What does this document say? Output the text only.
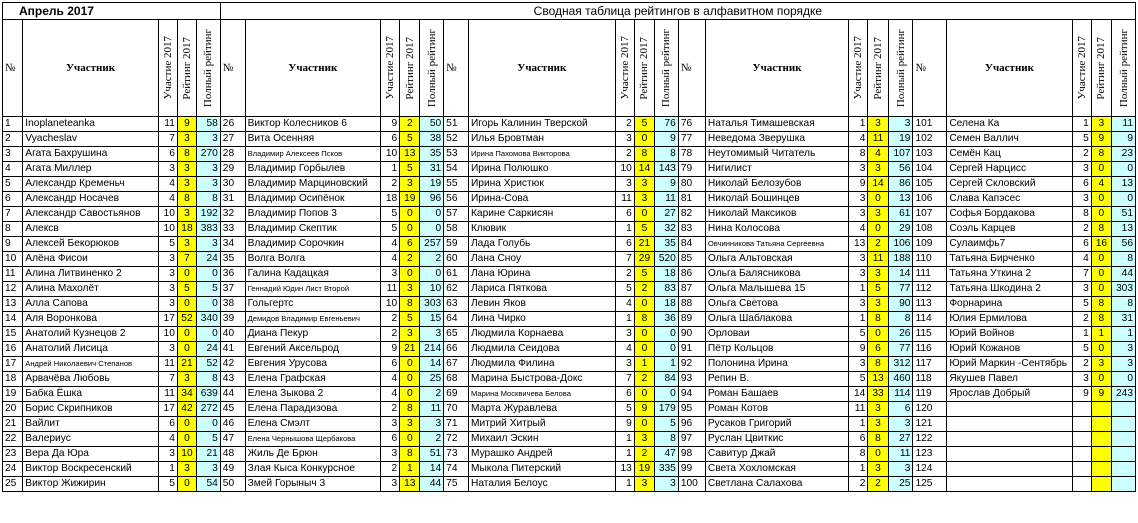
Апрель 2017					Сводная таблица рейтингов в алфавитном порядке																			
№	Участник	Участие 2017	Рейтинг 2017	Полный рейтинг	№	Участник	Участие 2017	Рейтинг 2017	Полный рейтинг	№	Участник	Участие 2017	Рейтинг 2017	Полный рейтинг	№	Участник	Участие 2017	Рейтинг 2017	Полный рейтинг	№	Участник	Участие 2017	Рейтинг 2017	Полный рейтинг

1	Inoplaneteanka	11	9	58	26	Виктор Колесников 6	9	2	50	51	Игорь Калинин Тверской	2	5	76	76	Наталья Тимашевская	1	3	3	101	Селена Ка	1	3	11
2	Vyacheslav	7	3	3	27	Вита Осенняя	6	5	38	52	Илья Бровтман	3	0	9	77	Неведома Зверушка	4	11	19	102	Семен Валлич	5	9	9
3	Агата Бахрушина	6	8	270	28	Владимир Алексеев Псков	10	13	35	53	Ирина Пахомова Викторова	2	8	8	78	Неутомимый Читатель	8	4	107	103	Семён Кац	2	8	23
4	Агата Миллер	3	3	3	29	Владимир Горбылев	1	5	31	54	Ирина Полюшко	10	14	143	79	Нигилист	3	3	56	104	Сергей Нарцисс	3	0	0
5	Александр Кременьч	4	3	3	30	Владимир Марциновский	2	3	19	55	Ирина Христюк	3	3	9	80	Николай Белозубов	9	14	86	105	Сергей Скловский	6	4	13
6	Александр Носачев	4	8	8	31	Владимир Осипёнок	18	19	96	56	Ирина-Сова	11	3	11	81	Николай Бошинцев	3	0	13	106	Слава Капэсес	3	0	0
7	Александр Савостьянов	10	3	192	32	Владимир Попов 3	5	0	0	57	Карине Саркисян	6	0	27	82	Николай Максиков	3	3	61	107	Софья Бордакова	8	0	51
8	Алексв	10	18	383	33	Владимир Скептик	5	0	0	58	Клювик	1	5	32	83	Нина Колосова	4	0	29	108	Соэль Карцев	2	8	13
9	Алексей Бекорюков	5	3	3	34	Владимир Сорочкин	4	6	257	59	Лада Голубь	6	21	35	84	Овчинникова Татьяна Сергеевна	13	2	106	109	Сулаимфь7	6	16	56
10	Алёна Фисои	3	7	24	35	Волга Волга	4	2	2	60	Лана Сноу	7	29	520	85	Ольга Альтовская	3	11	188	110	Татьяна Бирченко	4	0	8
11	Алина Литвиненко 2	3	0	0	36	Галина Кадацкая	3	0	0	61	Лана Юрина	2	5	18	86	Ольга Балясникова	3	3	14	111	Татьяна Уткина 2	7	0	44
12	Алина Махолёт	3	5	5	37	Геннадий Юдин Лист Второй	11	3	10	62	Лариса Пяткова	5	2	83	87	Ольга Малышева 15	1	5	77	112	Татьяна Шкодина 2	3	0	303
13	Алла Сапова	3	0	0	38	Гольгертс	10	8	303	63	Левин Яков	4	0	18	88	Ольга Светова	3	3	90	113	Форнарина	5	8	8
14	Аля Воронкова	17	52	340	39	Демидов Владимир Евгеньевич	2	5	15	64	Лина Чирко	1	8	36	89	Ольга Шаблакова	1	8	8	114	Юлия Ермилова	2	8	31
15	Анатолий Кузнецов 2	10	0	0	40	Диана Пекур	2	3	3	65	Людмила Корнаева	3	0	0	90	Орловаи	5	0	26	115	Юрий Войнов	1	1	1
16	Анатолий Лисица	3	0	24	41	Евгений Аксельрод	9	21	214	66	Людмила Сеидова	4	0	0	91	Пётр Кольцов	9	6	77	116	Юрий Кожанов	5	0	3
17	Андрей Николаевич Степанов	11	21	52	42	Евгения Урусова	6	0	14	67	Людмила Филина	3	1	1	92	Полонина Ирина	3	8	312	117	Юрий Маркин -Сентябрь	2	3	3
18	Арвачёва Любовь	7	3	8	43	Елена Графская	4	0	25	68	Марина Быстрова-Докс	7	2	84	93	Репин В.	5	13	460	118	Якушев Павел	3	0	0
19	Бабка Ёшка	11	34	639	44	Елена Зыкова 2	4	0	2	69	Марина Москвичева Белова	6	0	0	94	Роман Башаев	14	33	114	119	Ярослав Добрый	9	9	243
20	Борис Скрипников	17	42	272	45	Елена Парадизова	2	8	11	70	Марта Журавлева	5	9	179	95	Роман Котов	11	3	6	120				
21	Вайлит	6	0	0	46	Елена Смэлт	3	3	3	71	Митрий Хитрый	9	0	5	96	Русаков Григорий	1	3	3	121				
22	Валериус	4	0	5	47	Елена Чернышова Щербакова	6	0	2	72	Михаил Эскин	1	3	8	97	Руслан Цвиткис	6	8	27	122				
23	Вера Да Юра	3	10	21	48	Жиль Де Брюн	3	8	51	73	Мурашко Андрей	1	2	47	98	Савитур Джай	8	0	11	123				
24	Виктор Воскресенский	1	3	3	49	Злая Кыса Конкурсное	2	1	14	74	Мыкола Питерский	13	19	335	99	Света Хохломская	1	3	3	124				
25	Виктор Жижирин	5	0	54	50	Змей Горыныч 3	3	13	44	75	Наталия Белоус	1	3	3	100	Светлана Салахова	2	2	25	125				
